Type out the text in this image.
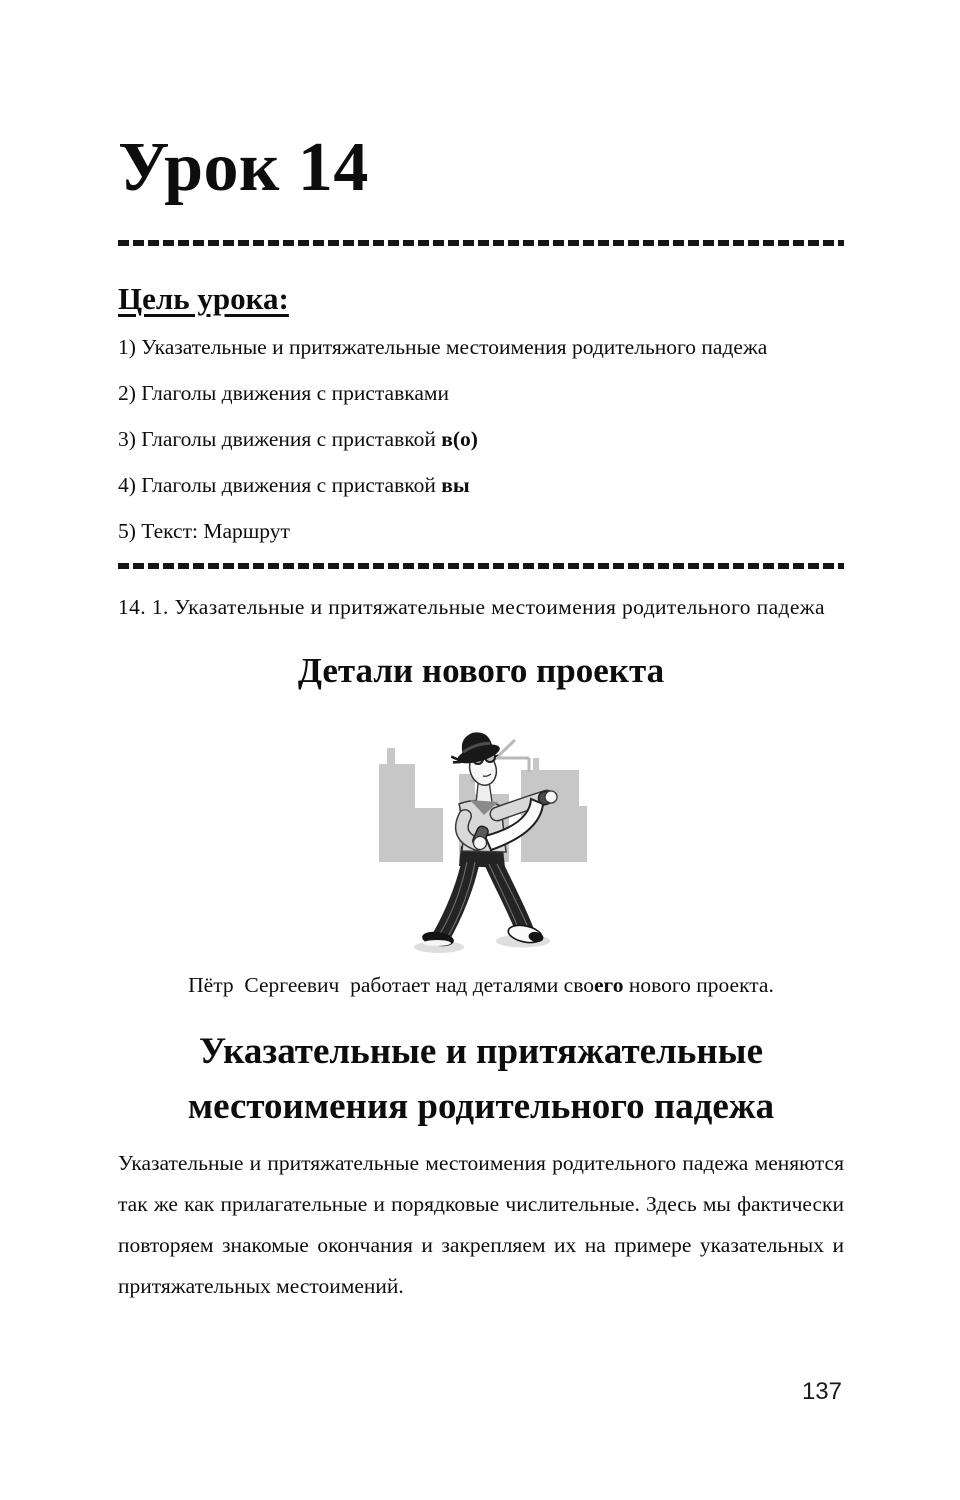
Урок 14
Цель урока:
1) Указательные и притяжательные местоимения родительного падежа
2) Глаголы движения с приставками
3) Глаголы движения с приставкой в(о)
4) Глаголы движения с приставкой вы
5) Текст: Маршрут
14. 1. Указательные и притяжательные местоимения родительного падежа
Детали нового проекта
Пётр  Сергеевич  работает над деталями своего нового проекта.
Указательные и притяжательные
местоимения родительного падежа

Указательные и притяжательные местоимения родительного падежа меняются так же как прилагательные и порядковые числительные. Здесь мы фактически повторяем знакомые окончания и закрепляем их на примере указательных и притяжательных местоимений.

137
